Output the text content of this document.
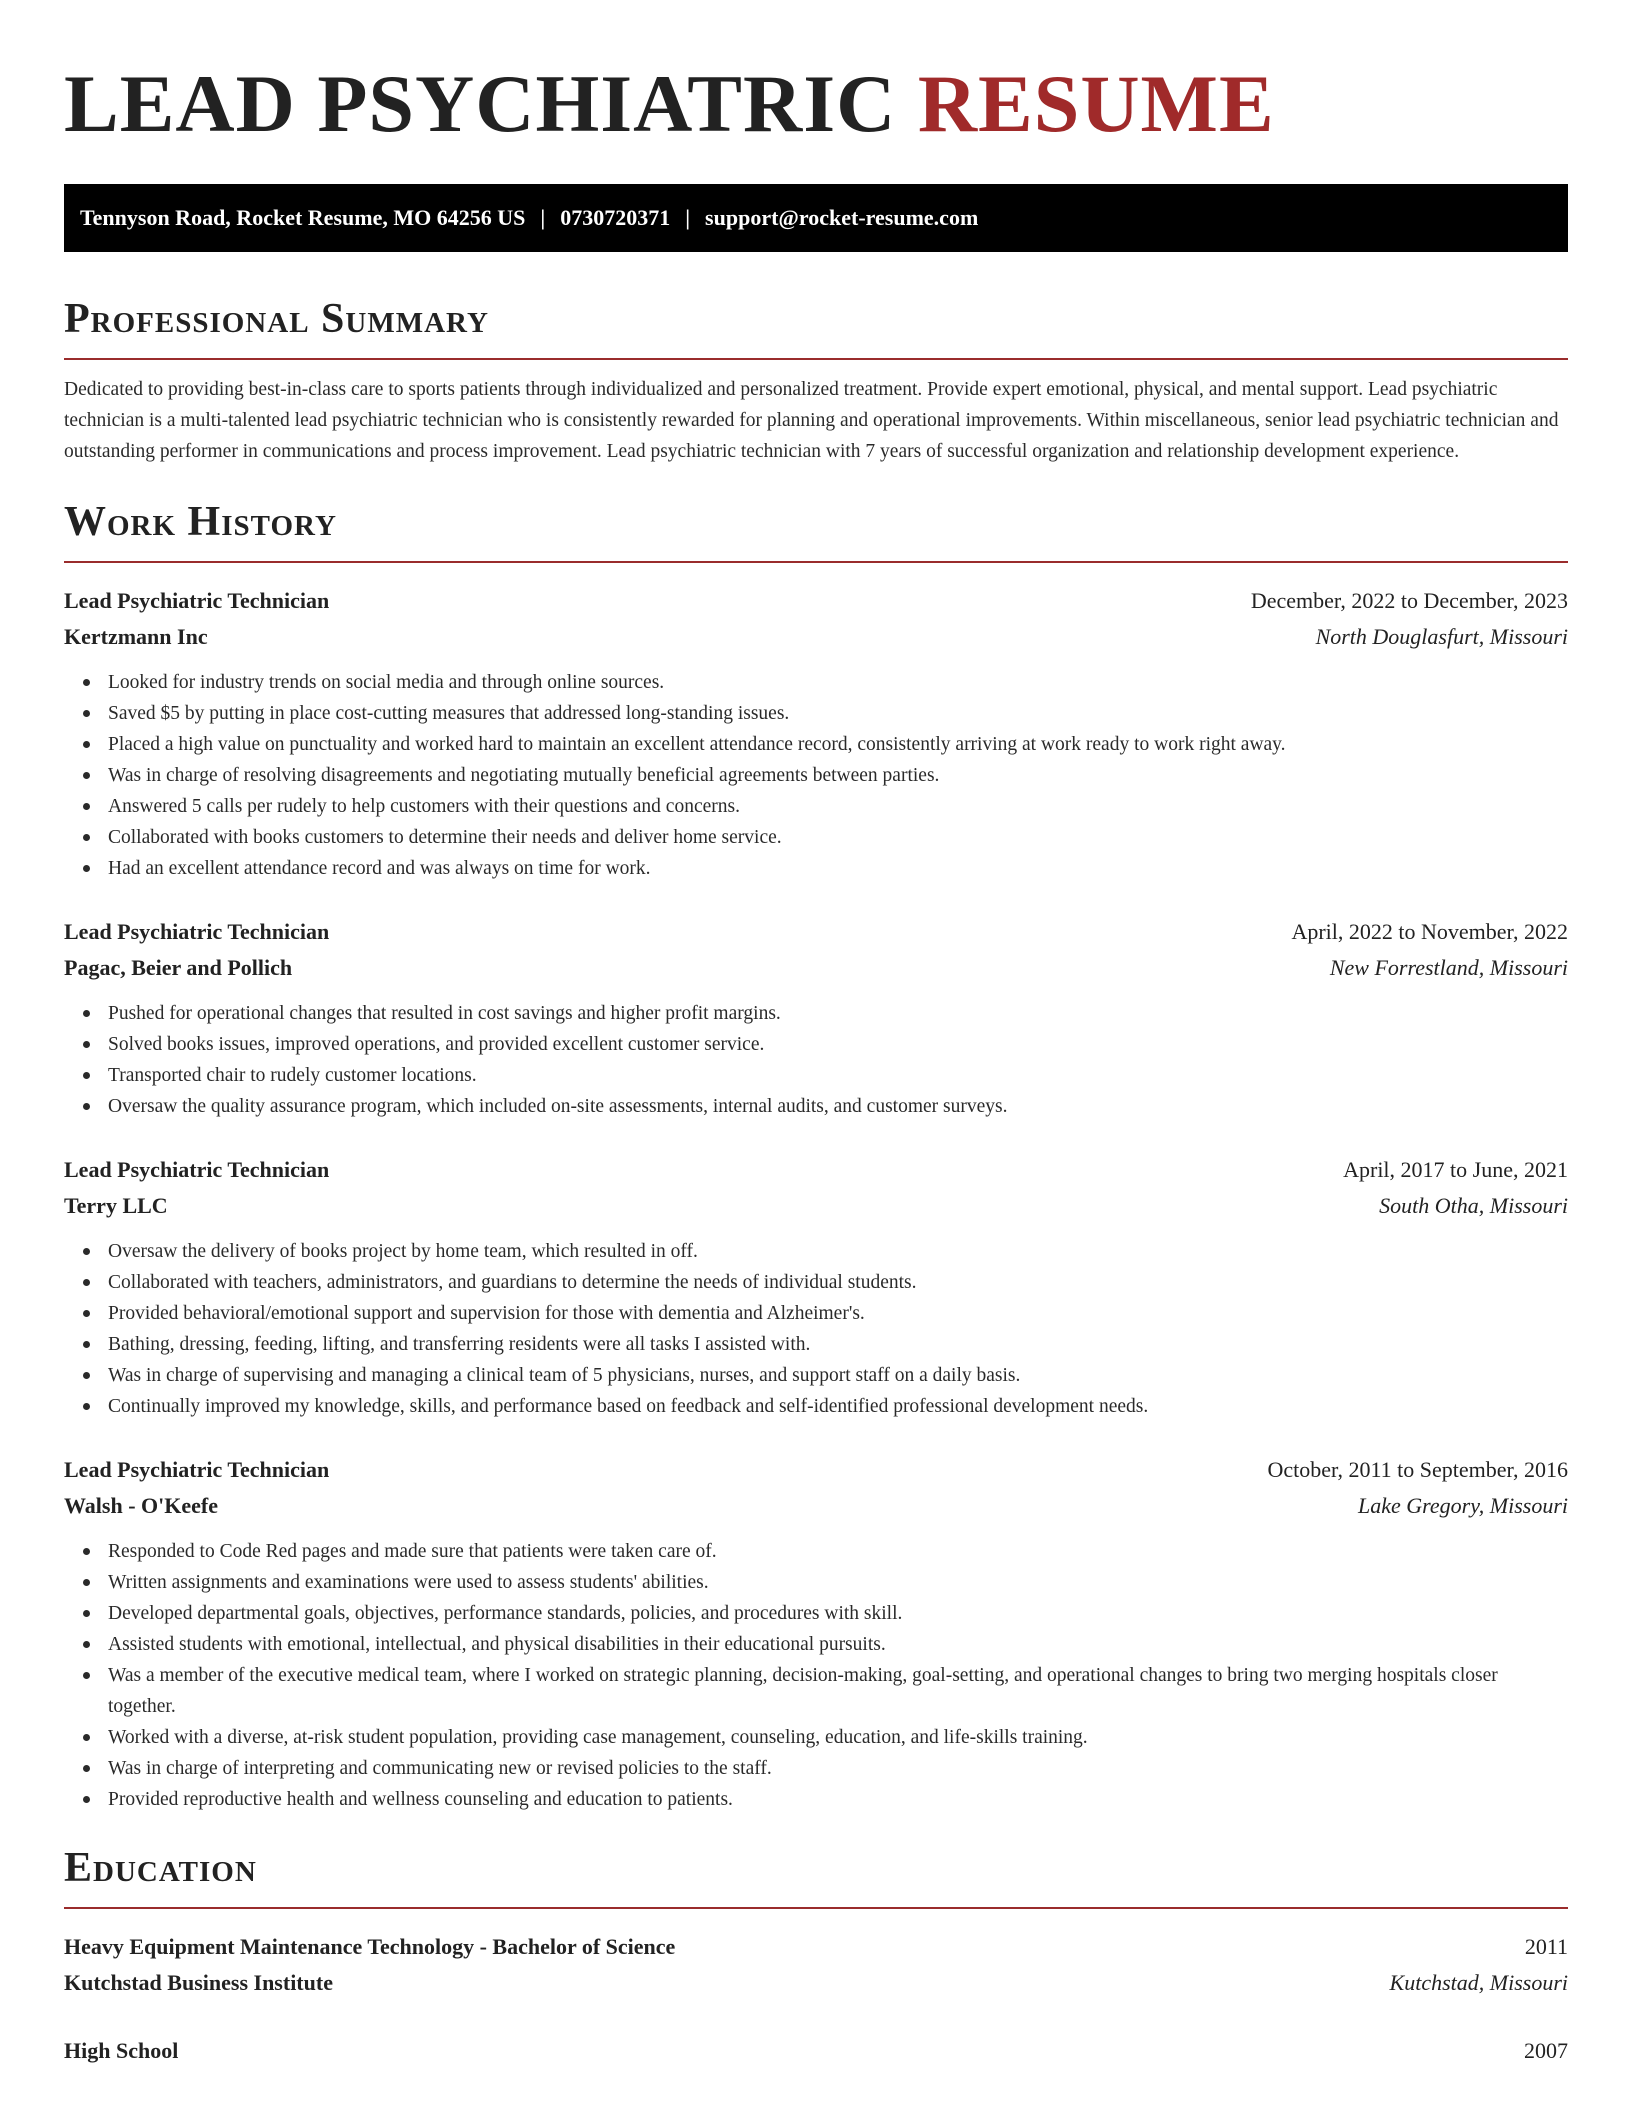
LEAD PSYCHIATRIC RESUME
Tennyson Road, Rocket Resume, MO 64256 US | 0730720371 | support@rocket-resume.com
Professional Summary

Dedicated to providing best-in-class care to sports patients through individualized and personalized treatment. Provide expert emotional, physical, and mental support. Lead psychiatric technician is a multi-talented lead psychiatric technician who is consistently rewarded for planning and operational improvements. Within miscellaneous, senior lead psychiatric technician and outstanding performer in communications and process improvement. Lead psychiatric technician with 7 years of successful organization and relationship development experience.

Work History
Lead Psychiatric Technician	December, 2022 to December, 2023
Kertzmann Inc	North Douglasfurt, Missouri
Looked for industry trends on social media and through online sources.
Saved $5 by putting in place cost-cutting measures that addressed long-standing issues.
Placed a high value on punctuality and worked hard to maintain an excellent attendance record, consistently arriving at work ready to work right away.
Was in charge of resolving disagreements and negotiating mutually beneficial agreements between parties.
Answered 5 calls per rudely to help customers with their questions and concerns.
Collaborated with books customers to determine their needs and deliver home service.
Had an excellent attendance record and was always on time for work.
Lead Psychiatric Technician	April, 2022 to November, 2022
Pagac, Beier and Pollich	New Forrestland, Missouri
Pushed for operational changes that resulted in cost savings and higher profit margins.
Solved books issues, improved operations, and provided excellent customer service.
Transported chair to rudely customer locations.
Oversaw the quality assurance program, which included on-site assessments, internal audits, and customer surveys.
Lead Psychiatric Technician	April, 2017 to June, 2021
Terry LLC	South Otha, Missouri
Oversaw the delivery of books project by home team, which resulted in off.
Collaborated with teachers, administrators, and guardians to determine the needs of individual students.
Provided behavioral/emotional support and supervision for those with dementia and Alzheimer's.
Bathing, dressing, feeding, lifting, and transferring residents were all tasks I assisted with.
Was in charge of supervising and managing a clinical team of 5 physicians, nurses, and support staff on a daily basis.
Continually improved my knowledge, skills, and performance based on feedback and self-identified professional development needs.
Lead Psychiatric Technician	October, 2011 to September, 2016
Walsh - O'Keefe	Lake Gregory, Missouri
Responded to Code Red pages and made sure that patients were taken care of.
Written assignments and examinations were used to assess students' abilities.
Developed departmental goals, objectives, performance standards, policies, and procedures with skill.
Assisted students with emotional, intellectual, and physical disabilities in their educational pursuits.
Was a member of the executive medical team, where I worked on strategic planning, decision-making, goal-setting, and operational changes to bring two merging hospitals closer together.
Worked with a diverse, at-risk student population, providing case management, counseling, education, and life-skills training.
Was in charge of interpreting and communicating new or revised policies to the staff.
Provided reproductive health and wellness counseling and education to patients.
Education
Heavy Equipment Maintenance Technology - Bachelor of Science	2011
Kutchstad Business Institute	Kutchstad, Missouri
High School	2007
